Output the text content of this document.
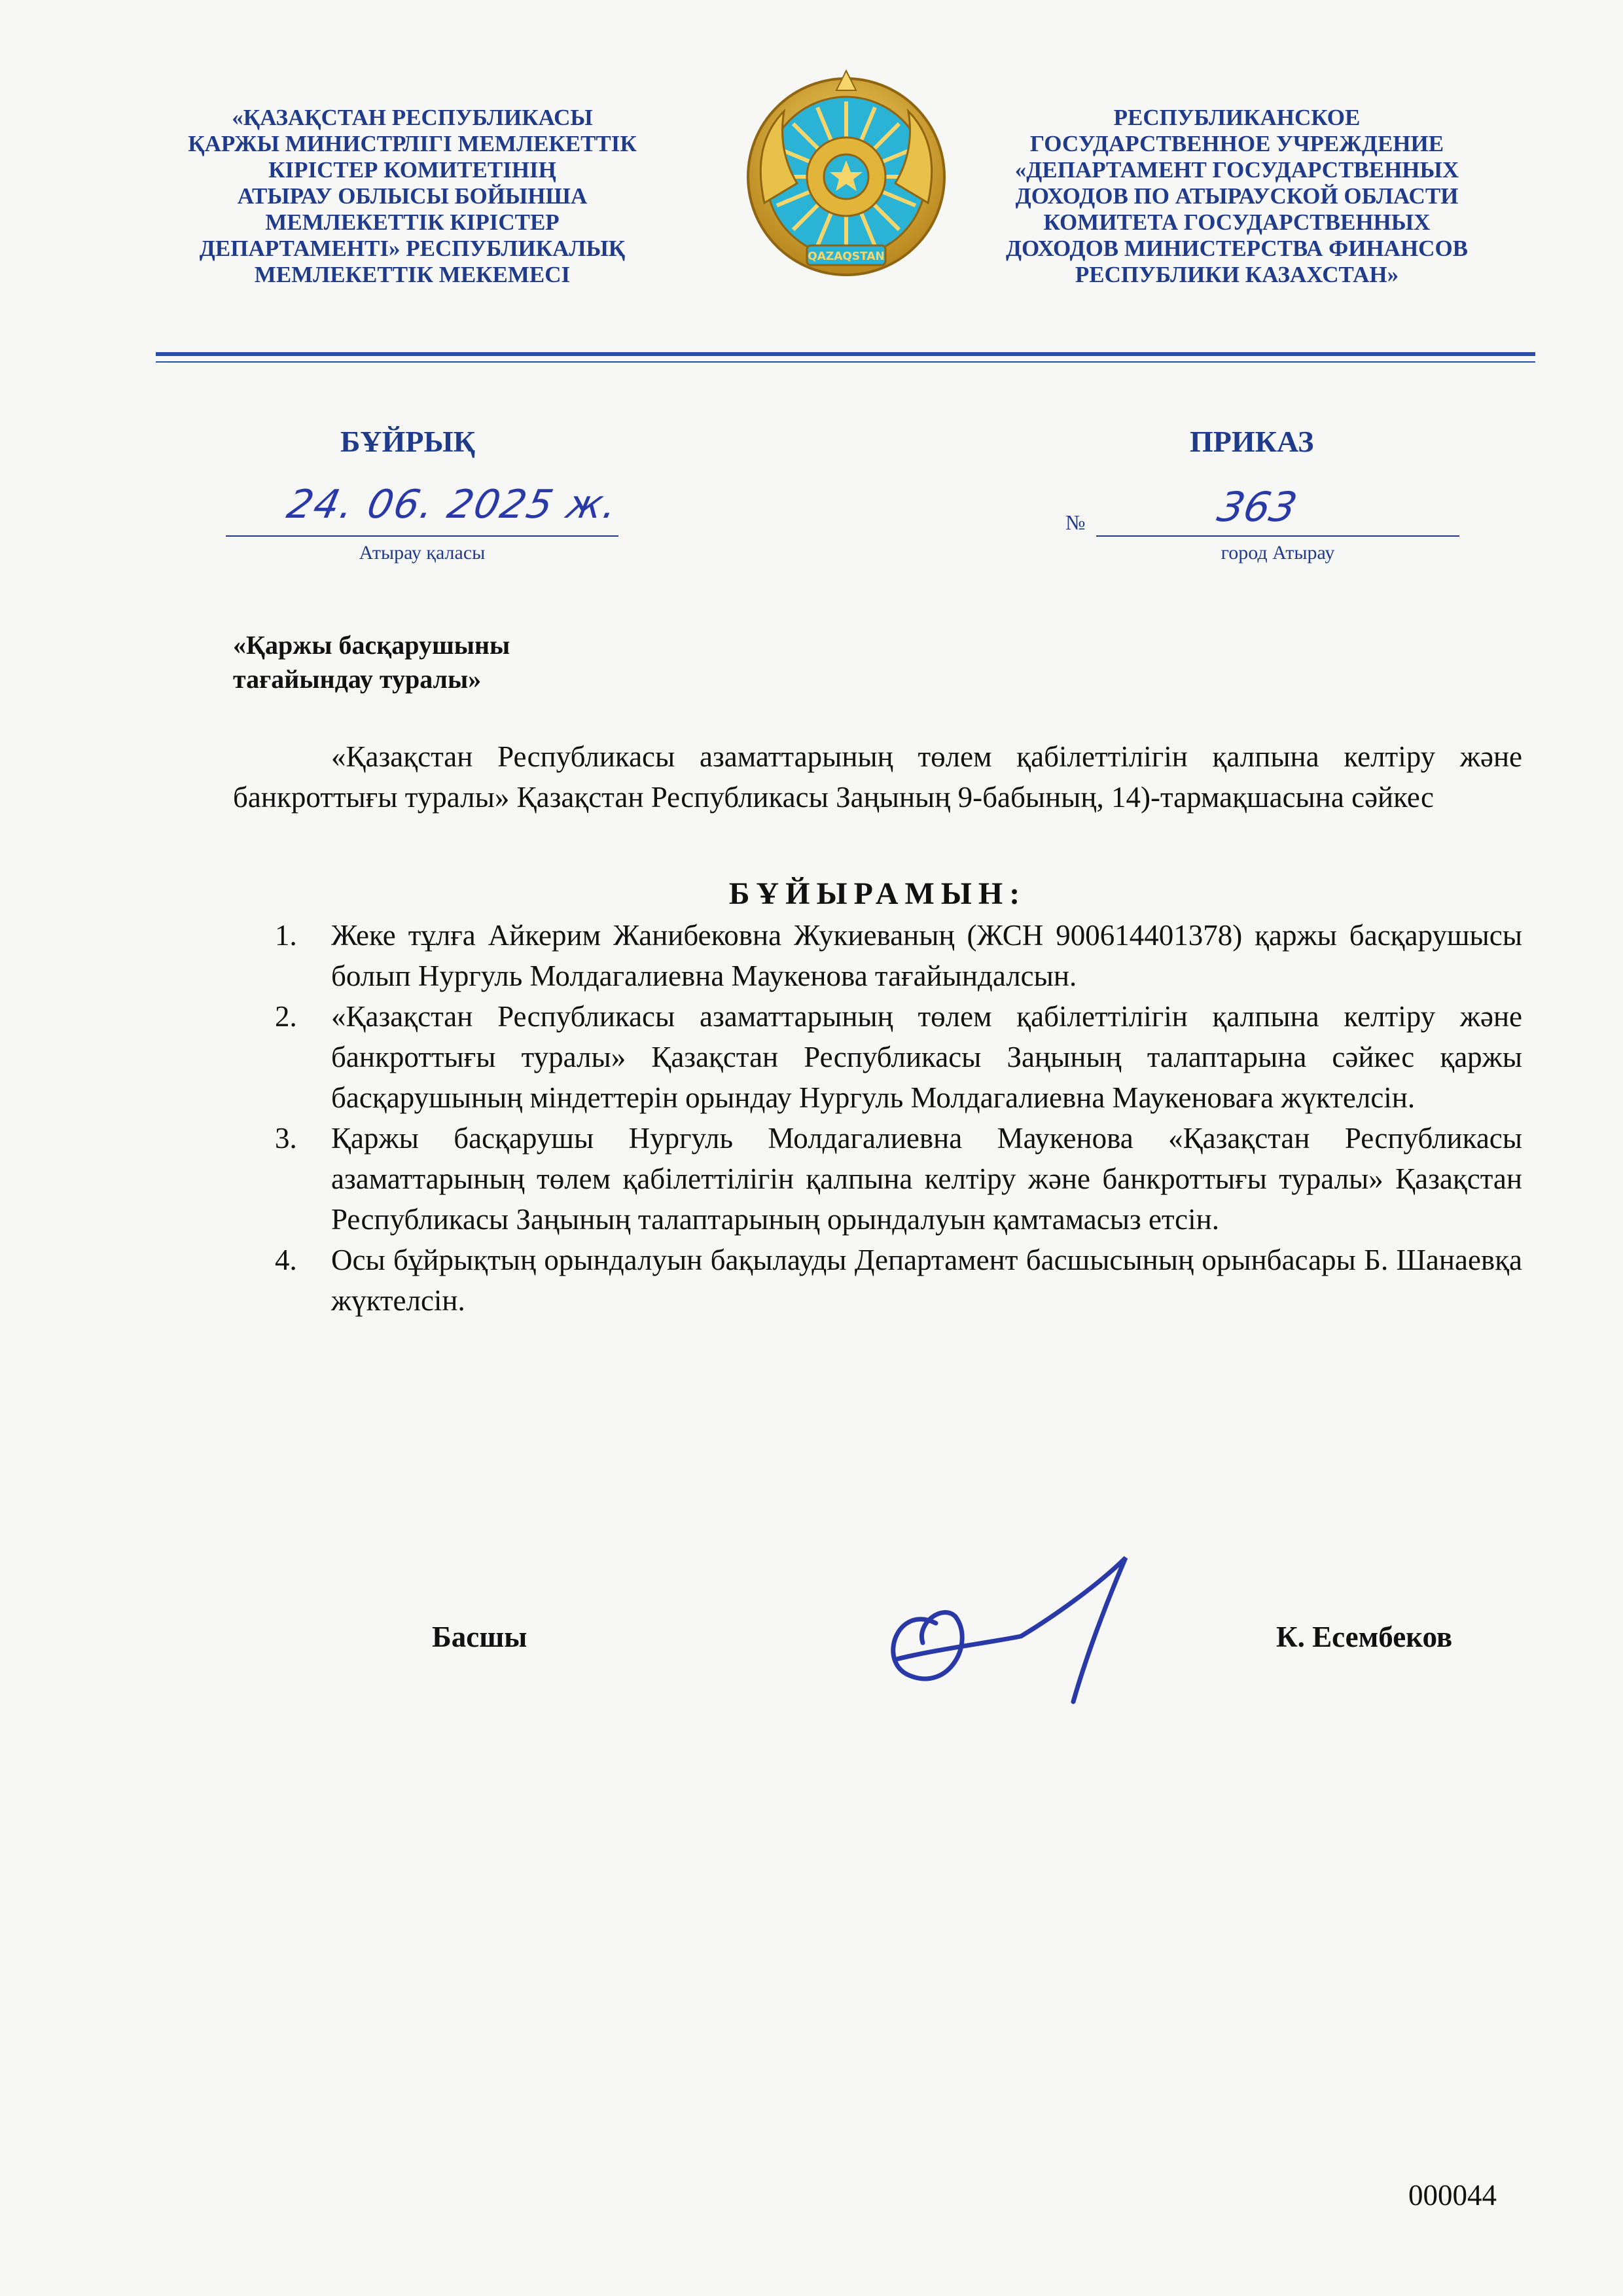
«ҚАЗАҚСТАН РЕСПУБЛИКАСЫ
ҚАРЖЫ МИНИСТРЛІГІ МЕМЛЕКЕТТІК
КІРІСТЕР КОМИТЕТІНІҢ
АТЫРАУ ОБЛЫСЫ БОЙЫНША
МЕМЛЕКЕТТІК КІРІСТЕР
ДЕПАРТАМЕНТІ» РЕСПУБЛИКАЛЫҚ
МЕМЛЕКЕТТІК МЕКЕМЕСІ
QAZAQSTAN
РЕСПУБЛИКАНСКОЕ
ГОСУДАРСТВЕННОЕ УЧРЕЖДЕНИЕ
«ДЕПАРТАМЕНТ ГОСУДАРСТВЕННЫХ
ДОХОДОВ ПО АТЫРАУСКОЙ ОБЛАСТИ
КОМИТЕТА ГОСУДАРСТВЕННЫХ
ДОХОДОВ МИНИСТЕРСТВА ФИНАНСОВ
РЕСПУБЛИКИ КАЗАХСТАН»
БҰЙРЫҚ	ПРИКАЗ
24. 06. 2025 ж.
Атырау қаласы
№	363
город Атырау
«Қаржы басқарушыны
тағайындау туралы»
«Қазақстан Республикасы азаматтарының төлем қабілеттілігін қалпына келтіру және банкроттығы туралы» Қазақстан Республикасы Заңының 9-бабының, 14)-тармақшасына сәйкес
БҰЙЫРАМЫН:
1.	Жеке тұлға Айкерим Жанибековна Жукиеваның (ЖСН 900614401378) қаржы басқарушысы болып Нургуль Молдагалиевна Маукенова тағайындалсын.
2.	«Қазақстан Республикасы азаматтарының төлем қабілеттілігін қалпына келтіру және банкроттығы туралы» Қазақстан Республикасы Заңының талаптарына сәйкес қаржы басқарушының міндеттерін орындау Нургуль Молдагалиевна Маукеноваға жүктелсін.
3.	Қаржы басқарушы Нургуль Молдагалиевна Маукенова «Қазақстан Республикасы азаматтарының төлем қабілеттілігін қалпына келтіру және банкроттығы туралы» Қазақстан Республикасы Заңының талаптарының орындалуын қамтамасыз етсін.
4.	Осы бұйрықтың орындалуын бақылауды Департамент басшысының орынбасары Б. Шанаевқа жүктелсін.
Басшы	К. Есембеков
000044
